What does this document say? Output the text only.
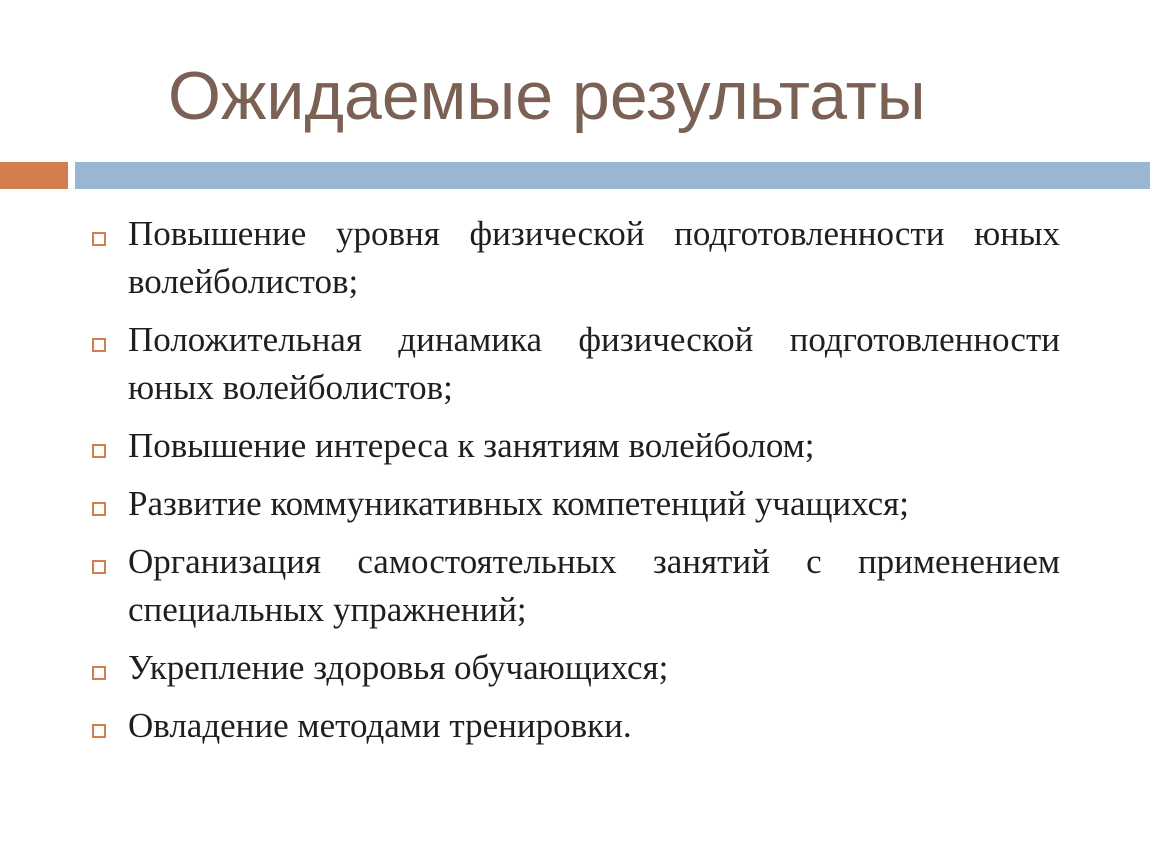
Ожидаемые результаты
Повышение уровня физической подготовленности юных волейболистов;
Положительная динамика физической подготовленности юных волейболистов;
Повышение интереса к занятиям волейболом;
Развитие коммуникативных компетенций учащихся;
Организация самостоятельных занятий с применением специальных упражнений;
Укрепление здоровья обучающихся;
Овладение методами тренировки.
